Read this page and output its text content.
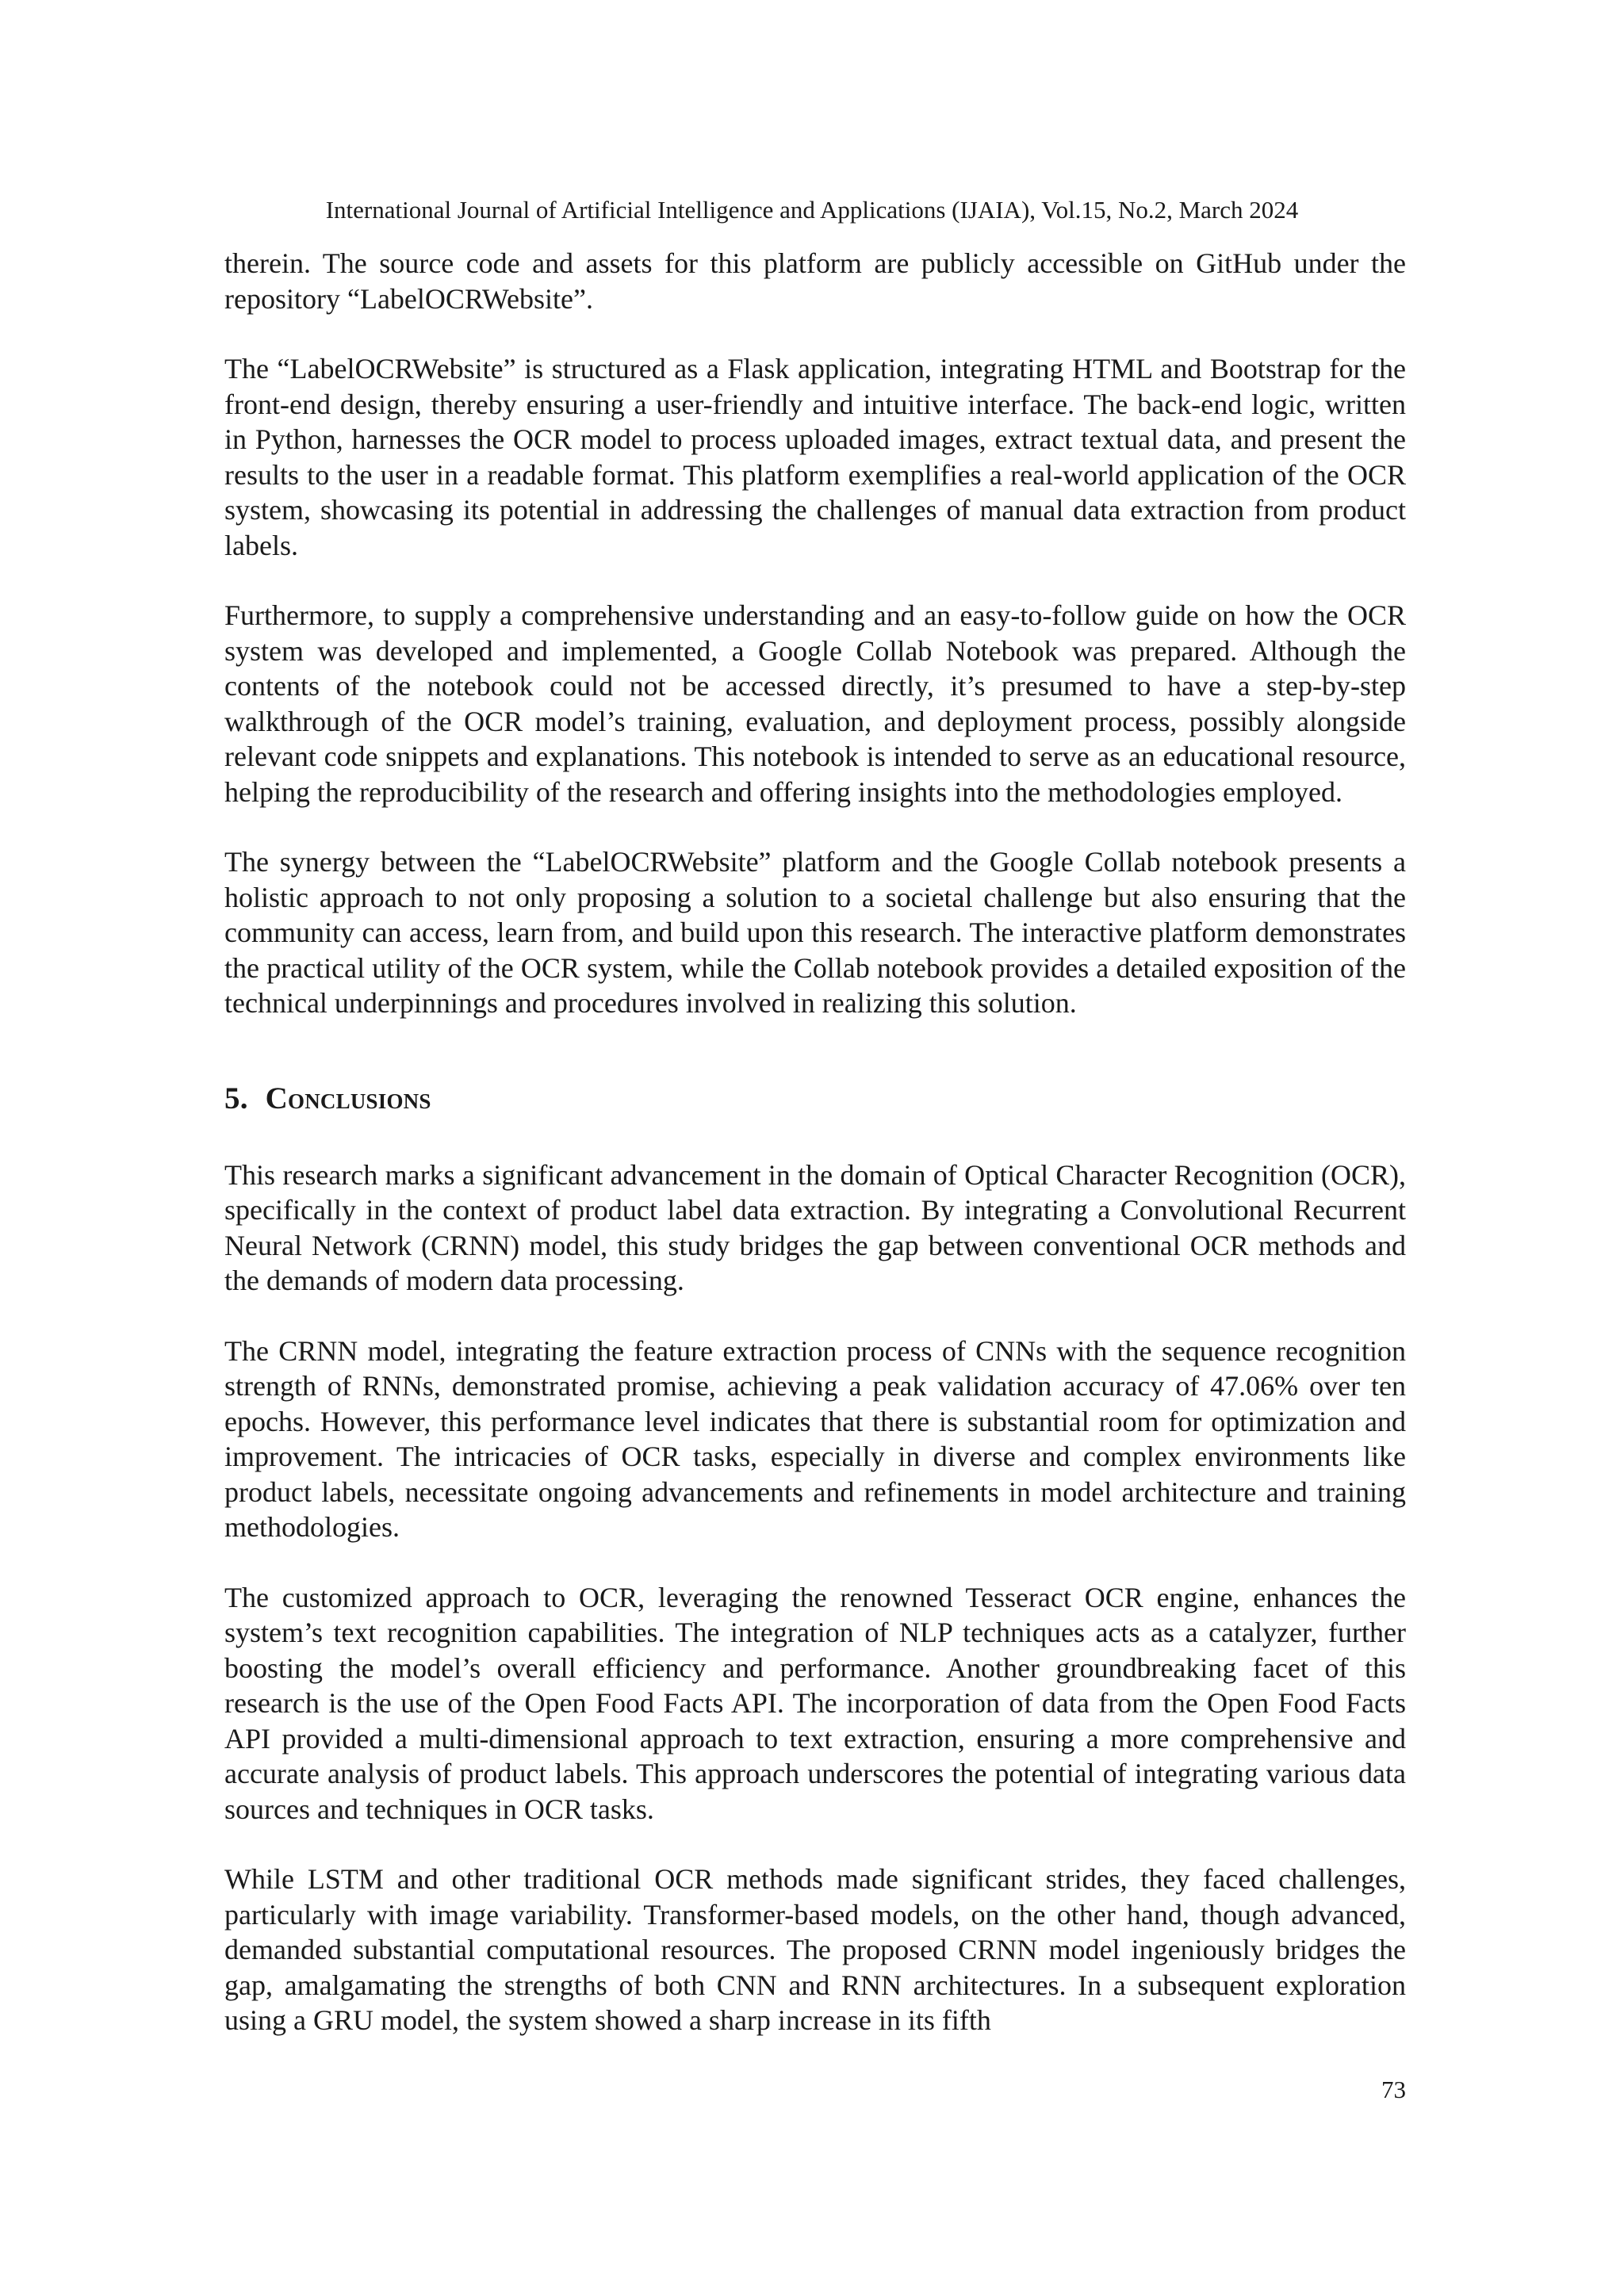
International Journal of Artificial Intelligence and Applications (IJAIA), Vol.15, No.2, March 2024

therein. The source code and assets for this platform are publicly accessible on GitHub under the repository “LabelOCRWebsite”.

The “LabelOCRWebsite” is structured as a Flask application, integrating HTML and Bootstrap for the front-end design, thereby ensuring a user-friendly and intuitive interface. The back-end logic, written in Python, harnesses the OCR model to process uploaded images, extract textual data, and present the results to the user in a readable format. This platform exemplifies a real-world application of the OCR system, showcasing its potential in addressing the challenges of manual data extraction from product labels.

Furthermore, to supply a comprehensive understanding and an easy-to-follow guide on how the OCR system was developed and implemented, a Google Collab Notebook was prepared. Although the contents of the notebook could not be accessed directly, it’s presumed to have a step-by-step walkthrough of the OCR model’s training, evaluation, and deployment process, possibly alongside relevant code snippets and explanations. This notebook is intended to serve as an educational resource, helping the reproducibility of the research and offering insights into the methodologies employed.

The synergy between the “LabelOCRWebsite” platform and the Google Collab notebook presents a holistic approach to not only proposing a solution to a societal challenge but also ensuring that the community can access, learn from, and build upon this research. The interactive platform demonstrates the practical utility of the OCR system, while the Collab notebook provides a detailed exposition of the technical underpinnings and procedures involved in realizing this solution.

5. Conclusions

This research marks a significant advancement in the domain of Optical Character Recognition (OCR), specifically in the context of product label data extraction. By integrating a Convolutional Recurrent Neural Network (CRNN) model, this study bridges the gap between conventional OCR methods and the demands of modern data processing.

The CRNN model, integrating the feature extraction process of CNNs with the sequence recognition strength of RNNs, demonstrated promise, achieving a peak validation accuracy of 47.06% over ten epochs. However, this performance level indicates that there is substantial room for optimization and improvement. The intricacies of OCR tasks, especially in diverse and complex environments like product labels, necessitate ongoing advancements and refinements in model architecture and training methodologies.

The customized approach to OCR, leveraging the renowned Tesseract OCR engine, enhances the system’s text recognition capabilities. The integration of NLP techniques acts as a catalyzer, further boosting the model’s overall efficiency and performance. Another groundbreaking facet of this research is the use of the Open Food Facts API. The incorporation of data from the Open Food Facts API provided a multi-dimensional approach to text extraction, ensuring a more comprehensive and accurate analysis of product labels. This approach underscores the potential of integrating various data sources and techniques in OCR tasks.

While LSTM and other traditional OCR methods made significant strides, they faced challenges, particularly with image variability. Transformer-based models, on the other hand, though advanced, demanded substantial computational resources. The proposed CRNN model ingeniously bridges the gap, amalgamating the strengths of both CNN and RNN architectures. In a subsequent exploration using a GRU model, the system showed a sharp increase in its fifth

73
